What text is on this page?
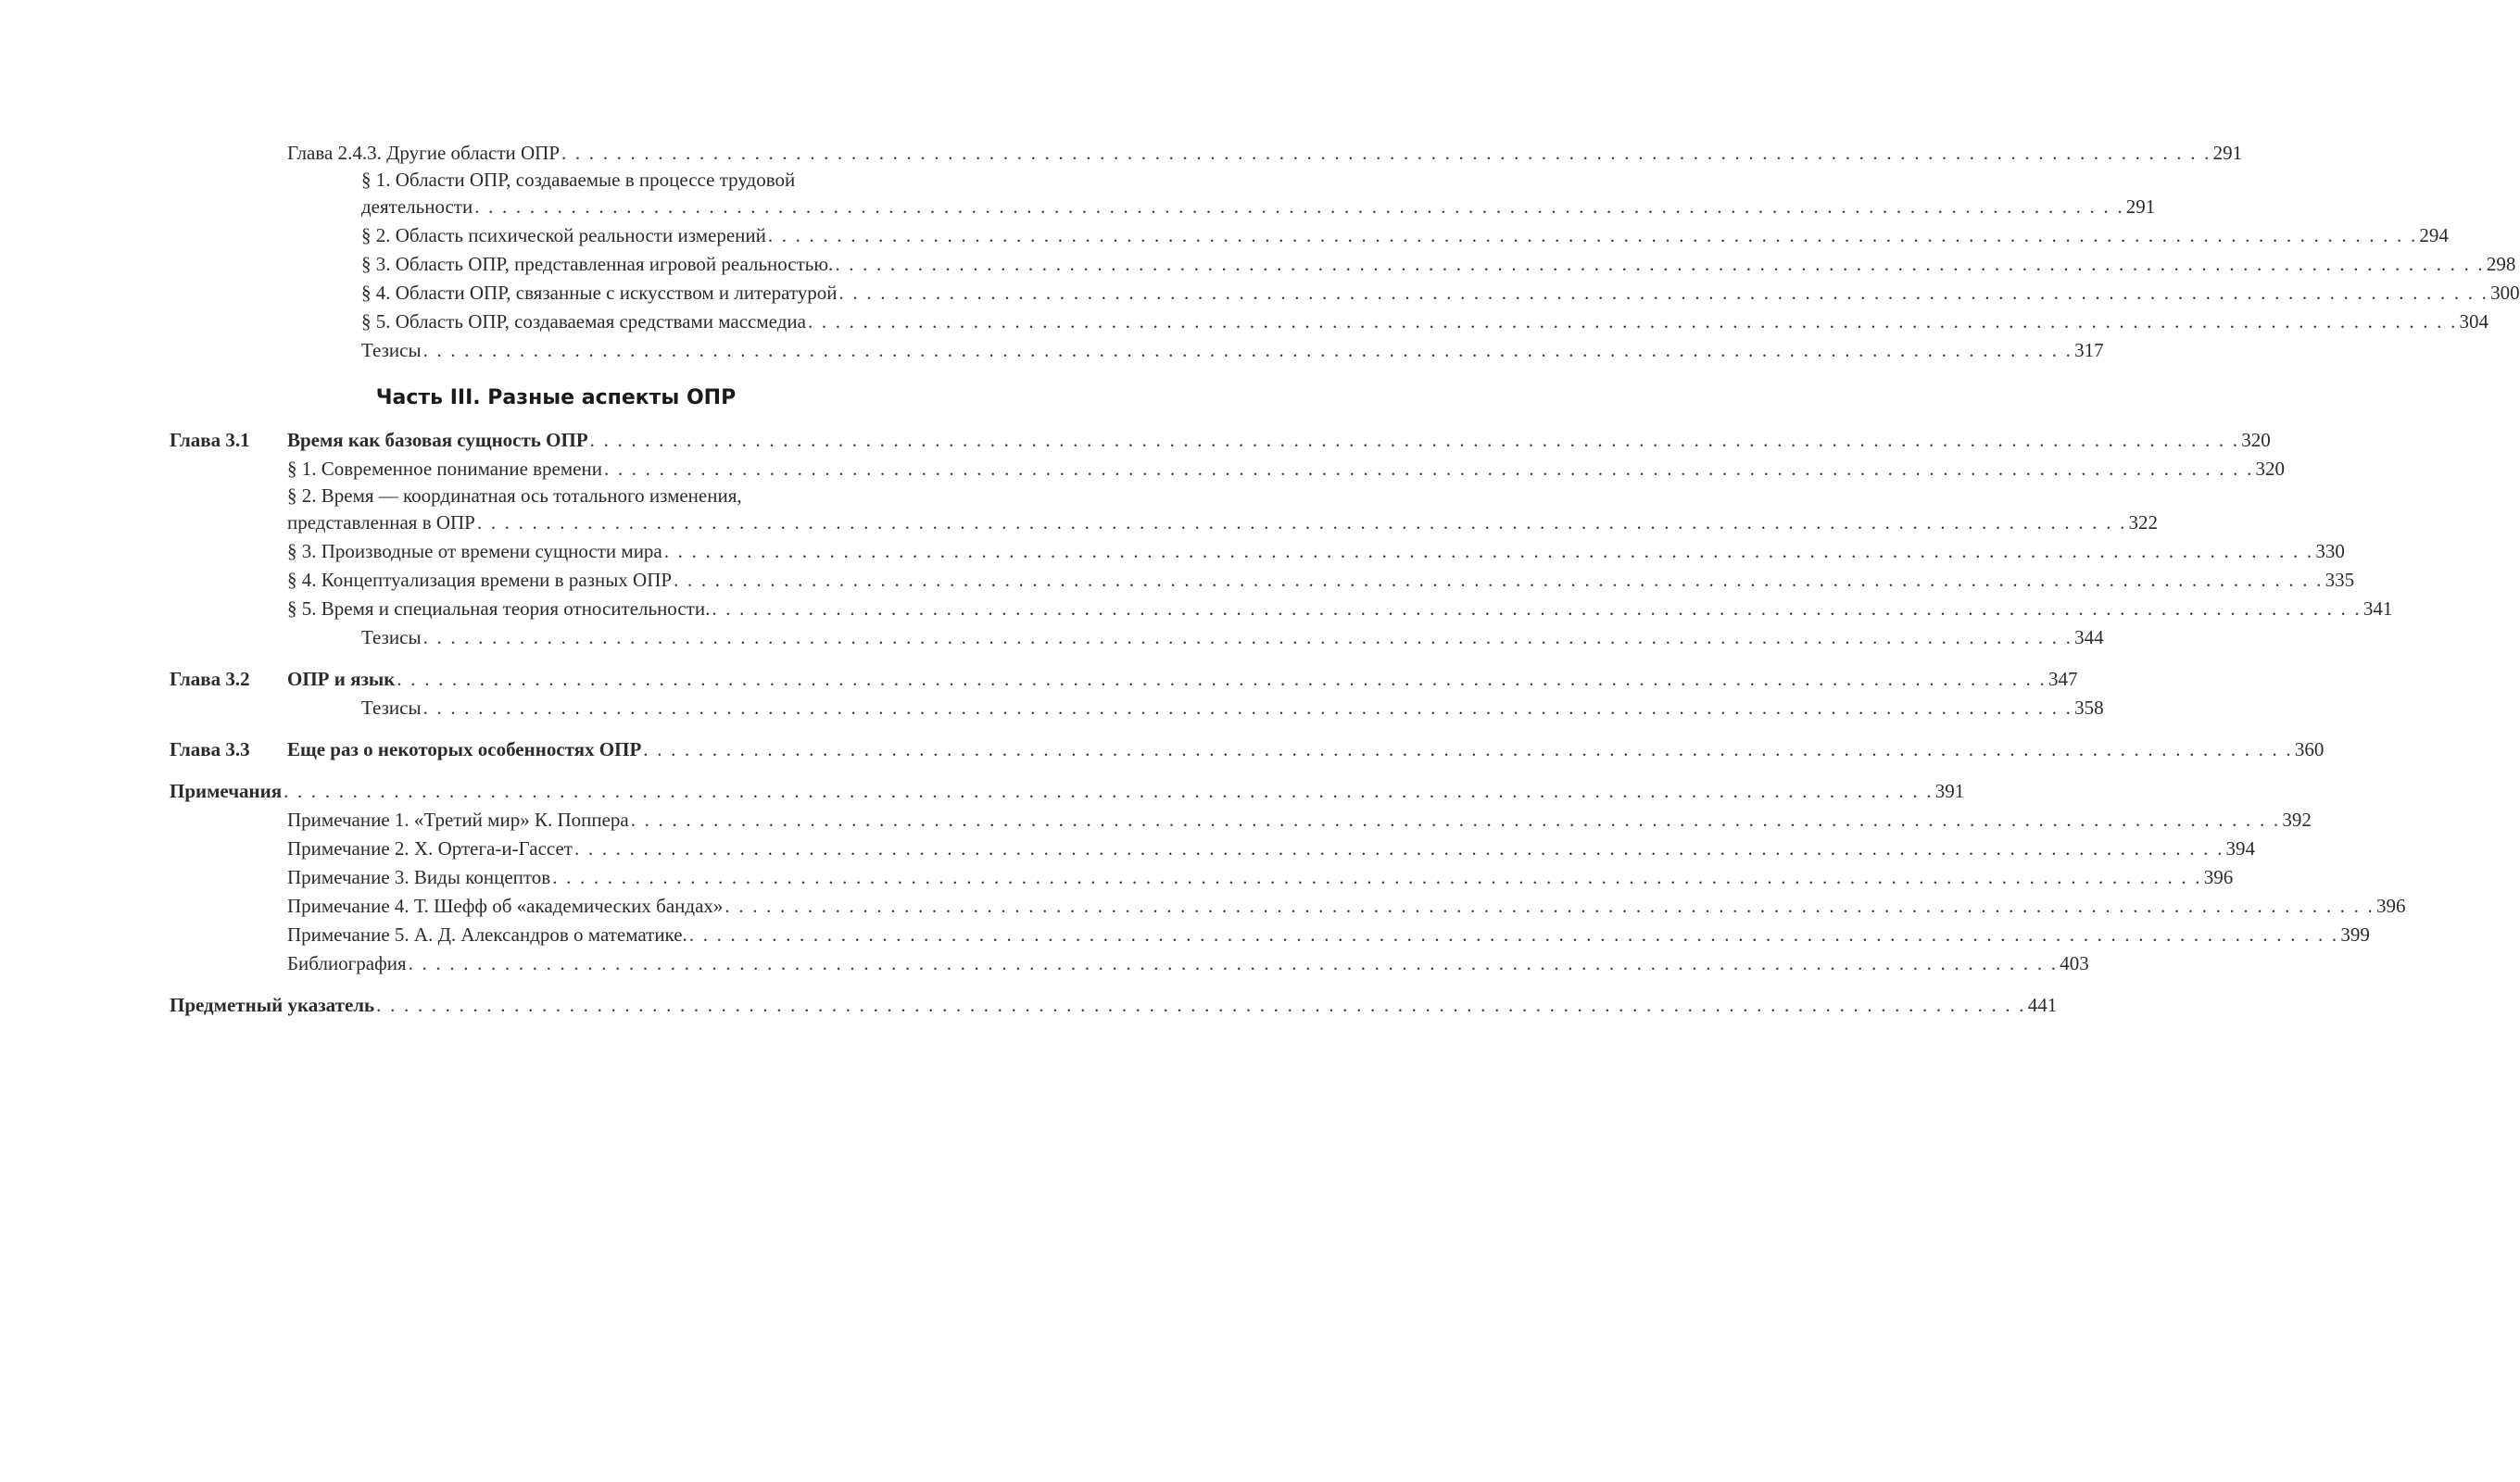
Глава 2.4.3. Другие области ОПР . . . . . . . . . . . . . . . . . . . . . . . . . . . . . . . . . . . . . . . . . . . . . . . . . . . . . . . . . . . . . . . . . . . . . . . . . . . . . . . . . . . . . . . . . . . . . . . . . . . . . . . . . . . . . . . . . . . . . . . . 291
§ 1. Области ОПР, создаваемые в процессе трудовой
деятельности . . . . . . . . . . . . . . . . . . . . . . . . . . . . . . . . . . . . . . . . . . . . . . . . . . . . . . . . . . . . . . . . . . . . . . . . . . . . . . . . . . . . . . . . . . . . . . . . . . . . . . . . . . . . . . . . . . . . . . . . 291
§ 2. Область психической реальности измерений . . . . . . . . . . . . . . . . . . . . . . . . . . . . . . . . . . . . . . . . . . . . . . . . . . . . . . . . . . . . . . . . . . . . . . . . . . . . . . . . . . . . . . . . . . . . . . . . . . . . . . . . . . . . . . . . . . . . . . . . 294
§ 3. Область ОПР, представленная игровой реальностью. . . . . . . . . . . . . . . . . . . . . . . . . . . . . . . . . . . . . . . . . . . . . . . . . . . . . . . . . . . . . . . . . . . . . . . . . . . . . . . . . . . . . . . . . . . . . . . . . . . . . . . . . . . . . . . . . . . . . . . . . 298
§ 4. Области ОПР, связанные с искусством и литературой . . . . . . . . . . . . . . . . . . . . . . . . . . . . . . . . . . . . . . . . . . . . . . . . . . . . . . . . . . . . . . . . . . . . . . . . . . . . . . . . . . . . . . . . . . . . . . . . . . . . . . . . . . . . . . . . . . . . . . . . 300
§ 5. Область ОПР, создаваемая средствами массмедиа . . . . . . . . . . . . . . . . . . . . . . . . . . . . . . . . . . . . . . . . . . . . . . . . . . . . . . . . . . . . . . . . . . . . . . . . . . . . . . . . . . . . . . . . . . . . . . . . . . . . . . . . . . . . . . . . . . . . . . . . 304
Тезисы . . . . . . . . . . . . . . . . . . . . . . . . . . . . . . . . . . . . . . . . . . . . . . . . . . . . . . . . . . . . . . . . . . . . . . . . . . . . . . . . . . . . . . . . . . . . . . . . . . . . . . . . . . . . . . . . . . . . . . . . 317
Часть III. Разные аспекты ОПР
Глава 3.1 Время как базовая сущность ОПР . . . . . . . . . . . . . . . . . . . . . . . . . . . . . . . . . . . . . . . . . . . . . . . . . . . . . . . . . . . . . . . . . . . . . . . . . . . . . . . . . . . . . . . . . . . . . . . . . . . . . . . . . . . . . . . . . . . . . . . . 320
§ 1. Современное понимание времени . . . . . . . . . . . . . . . . . . . . . . . . . . . . . . . . . . . . . . . . . . . . . . . . . . . . . . . . . . . . . . . . . . . . . . . . . . . . . . . . . . . . . . . . . . . . . . . . . . . . . . . . . . . . . . . . . . . . . . . . 320
§ 2. Время — координатная ось тотального изменения,
представленная в ОПР . . . . . . . . . . . . . . . . . . . . . . . . . . . . . . . . . . . . . . . . . . . . . . . . . . . . . . . . . . . . . . . . . . . . . . . . . . . . . . . . . . . . . . . . . . . . . . . . . . . . . . . . . . . . . . . . . . . . . . . . 322
§ 3. Производные от времени сущности мира . . . . . . . . . . . . . . . . . . . . . . . . . . . . . . . . . . . . . . . . . . . . . . . . . . . . . . . . . . . . . . . . . . . . . . . . . . . . . . . . . . . . . . . . . . . . . . . . . . . . . . . . . . . . . . . . . . . . . . . . 330
§ 4. Концептуализация времени в разных ОПР . . . . . . . . . . . . . . . . . . . . . . . . . . . . . . . . . . . . . . . . . . . . . . . . . . . . . . . . . . . . . . . . . . . . . . . . . . . . . . . . . . . . . . . . . . . . . . . . . . . . . . . . . . . . . . . . . . . . . . . . 335
§ 5. Время и специальная теория относительности. . . . . . . . . . . . . . . . . . . . . . . . . . . . . . . . . . . . . . . . . . . . . . . . . . . . . . . . . . . . . . . . . . . . . . . . . . . . . . . . . . . . . . . . . . . . . . . . . . . . . . . . . . . . . . . . . . . . . . . . . 341
Тезисы . . . . . . . . . . . . . . . . . . . . . . . . . . . . . . . . . . . . . . . . . . . . . . . . . . . . . . . . . . . . . . . . . . . . . . . . . . . . . . . . . . . . . . . . . . . . . . . . . . . . . . . . . . . . . . . . . . . . . . . . 344
Глава 3.2 ОПР и язык . . . . . . . . . . . . . . . . . . . . . . . . . . . . . . . . . . . . . . . . . . . . . . . . . . . . . . . . . . . . . . . . . . . . . . . . . . . . . . . . . . . . . . . . . . . . . . . . . . . . . . . . . . . . . . . . . . . . . . . . 347
Тезисы . . . . . . . . . . . . . . . . . . . . . . . . . . . . . . . . . . . . . . . . . . . . . . . . . . . . . . . . . . . . . . . . . . . . . . . . . . . . . . . . . . . . . . . . . . . . . . . . . . . . . . . . . . . . . . . . . . . . . . . . 358
Глава 3.3 Еще раз о некоторых особенностях ОПР . . . . . . . . . . . . . . . . . . . . . . . . . . . . . . . . . . . . . . . . . . . . . . . . . . . . . . . . . . . . . . . . . . . . . . . . . . . . . . . . . . . . . . . . . . . . . . . . . . . . . . . . . . . . . . . . . . . . . . . . 360
Примечания . . . . . . . . . . . . . . . . . . . . . . . . . . . . . . . . . . . . . . . . . . . . . . . . . . . . . . . . . . . . . . . . . . . . . . . . . . . . . . . . . . . . . . . . . . . . . . . . . . . . . . . . . . . . . . . . . . . . . . . . 391
Примечание 1. «Третий мир» К. Поппера . . . . . . . . . . . . . . . . . . . . . . . . . . . . . . . . . . . . . . . . . . . . . . . . . . . . . . . . . . . . . . . . . . . . . . . . . . . . . . . . . . . . . . . . . . . . . . . . . . . . . . . . . . . . . . . . . . . . . . . . 392
Примечание 2. Х. Ортега-и-Гассет . . . . . . . . . . . . . . . . . . . . . . . . . . . . . . . . . . . . . . . . . . . . . . . . . . . . . . . . . . . . . . . . . . . . . . . . . . . . . . . . . . . . . . . . . . . . . . . . . . . . . . . . . . . . . . . . . . . . . . . . 394
Примечание 3. Виды концептов . . . . . . . . . . . . . . . . . . . . . . . . . . . . . . . . . . . . . . . . . . . . . . . . . . . . . . . . . . . . . . . . . . . . . . . . . . . . . . . . . . . . . . . . . . . . . . . . . . . . . . . . . . . . . . . . . . . . . . . . 396
Примечание 4. Т. Шефф об «академических бандах» . . . . . . . . . . . . . . . . . . . . . . . . . . . . . . . . . . . . . . . . . . . . . . . . . . . . . . . . . . . . . . . . . . . . . . . . . . . . . . . . . . . . . . . . . . . . . . . . . . . . . . . . . . . . . . . . . . . . . . . . 396
Примечание 5. А. Д. Александров о математике. . . . . . . . . . . . . . . . . . . . . . . . . . . . . . . . . . . . . . . . . . . . . . . . . . . . . . . . . . . . . . . . . . . . . . . . . . . . . . . . . . . . . . . . . . . . . . . . . . . . . . . . . . . . . . . . . . . . . . . . . 399
Библиография . . . . . . . . . . . . . . . . . . . . . . . . . . . . . . . . . . . . . . . . . . . . . . . . . . . . . . . . . . . . . . . . . . . . . . . . . . . . . . . . . . . . . . . . . . . . . . . . . . . . . . . . . . . . . . . . . . . . . . . . 403
Предметный указатель . . . . . . . . . . . . . . . . . . . . . . . . . . . . . . . . . . . . . . . . . . . . . . . . . . . . . . . . . . . . . . . . . . . . . . . . . . . . . . . . . . . . . . . . . . . . . . . . . . . . . . . . . . . . . . . . . . . . . . . . 441
